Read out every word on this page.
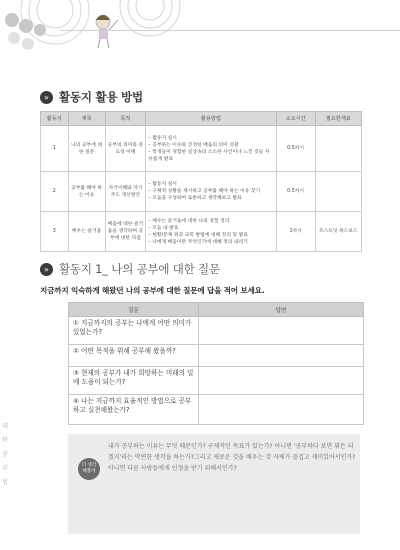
» 활동지 활용 방법
활동지	제목	목적	활용방법	소요시간	필요한재료
1	나의 공부에 대한 질문	공부의 의미와 중요성 이해	– 활동지 실시
– 공부하는 이유와 진정한 배움의 의미 성찰
– 학생들이 경험한 일상속의 소소한 사건이나 느낀 것들 자유롭게 발표	0.5차시	
2	공부를 해야 하는 이유	자기이해와 자기주도 개선방안	– 활동지 실시
– 구체적 상황을 제시하고 공부를 해야 하는 이유 찾기
– 모둠을 구성하여 토론하고 생각해보고 발표	0.5차시	
3	배우는 즐거움	배움에 대한 즐거움을 생각하며 공부에 대한 다짐	– 배우는 즐거움에 대한 나의 경험 정리
– 모둠 내 발표
– 현황/문제 원과 극복 방법에 대해 정리 및 발표
– 나에게 배움이란 무엇인가에 대해 정의 내리기	1차시	포스트잇 하드보드
» 활동지 1_ 나의 공부에 대한 질문
지금까지 익숙하게 해왔던 나의 공부에 대한 질문에 답을 적어 보세요.
질문	답변
① 지금까지의 공부는 나에게 어떤 의미가 있었는가?	
② 어떤 목적을 위해 공부해 왔을까?	
③ 현재의 공부가 내가 희망하는 미래의 일에 도움이 되는가?	
④ 나는 지금까지 효율적인 방법으로 공부하고 실천해왔는가?	
더 생각
해볼까
내가 공부하는 이유는 무엇 때문인가? 구체적인 목표가 있는가? 아니면 '공부하다 보면 뭐든 되겠지'라는 막연한 생각을 하는가?그리고 새로운 것을 배우는 것 자체가 즐겁고 재미있어서인가? 아니면 다른 사람들에게 인정을 받기 위해서인가?
대
학
공
부
법
